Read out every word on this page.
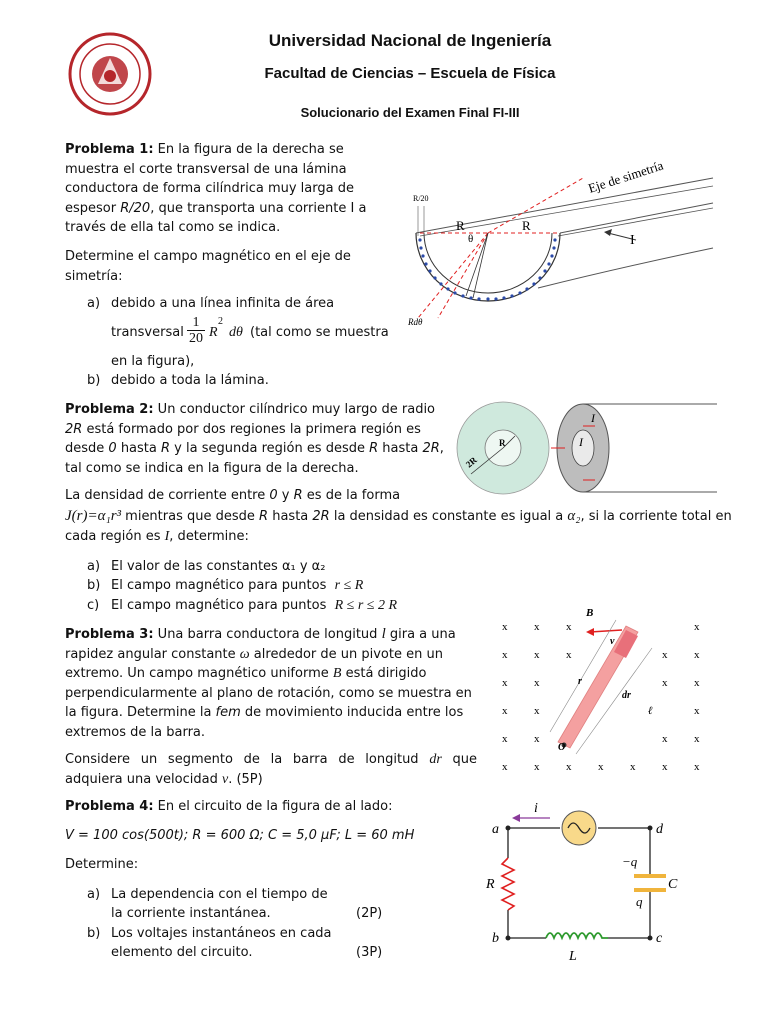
Universidad Nacional de Ingeniería
Facultad de Ciencias – Escuela de Física
Solucionario del Examen Final FI-III
Problema 1: En la figura de la derecha se muestra el corte transversal de una lámina conductora de forma cilíndrica muy larga de espesor R/20, que transporta una corriente I a través de ella tal como se indica.
Determine el campo magnético en el eje de simetría:
a) debido a una línea infinita de área
transversal
1
20 R
2
dθ (tal como se muestra
en la figura),
b) debido a toda la lámina.
R/20
R	R
θ
Eje de simetría
I
Rdθ
Problema 2: Un conductor cilíndrico muy largo de radio 2R está formado por dos regiones la primera región es desde 0 hasta R y la segunda región es desde R hasta 2R, tal como se indica en la figura de la derecha.
La densidad de corriente entre 0 y R es de la forma
J(r)=α₁r³ mientras que desde R hasta 2R la densidad es constante es igual a α₂, si la corriente total en
cada región es I, determine:
a) El valor de las constantes α₁ y α₂
b) El campo magnético para puntos r ≤ R
c) El campo magnético para puntos R ≤ r ≤ 2 R
R
2R
I
I
Problema 3: Una barra conductora de longitud l gira a una rapidez angular constante ω alrededor de un pivote en un extremo. Un campo magnético uniforme B está dirigido perpendicularmente al plano de rotación, como se muestra en la figura. Determine la fem de movimiento inducida entre los extremos de la barra.
Considere un segmento de la barra de longitud dr que adquiera una velocidad v. (5P)
x x x	x
x x x	x x
x x	x x
x x	x
x x	x x
x x x x x x x
B
v
r
dr
ℓ
O
Problema 4: En el circuito de la figura de al lado:
V = 100 cos(500t); R = 600 Ω; C = 5,0 μF; L = 60 mH
Determine:
a) La dependencia con el tiempo de
la corriente instantánea.	(2P)
b) Los voltajes instantáneos en cada
elemento del circuito.	(3P)
i
a	d
b	c
R	C
L
−q
q
